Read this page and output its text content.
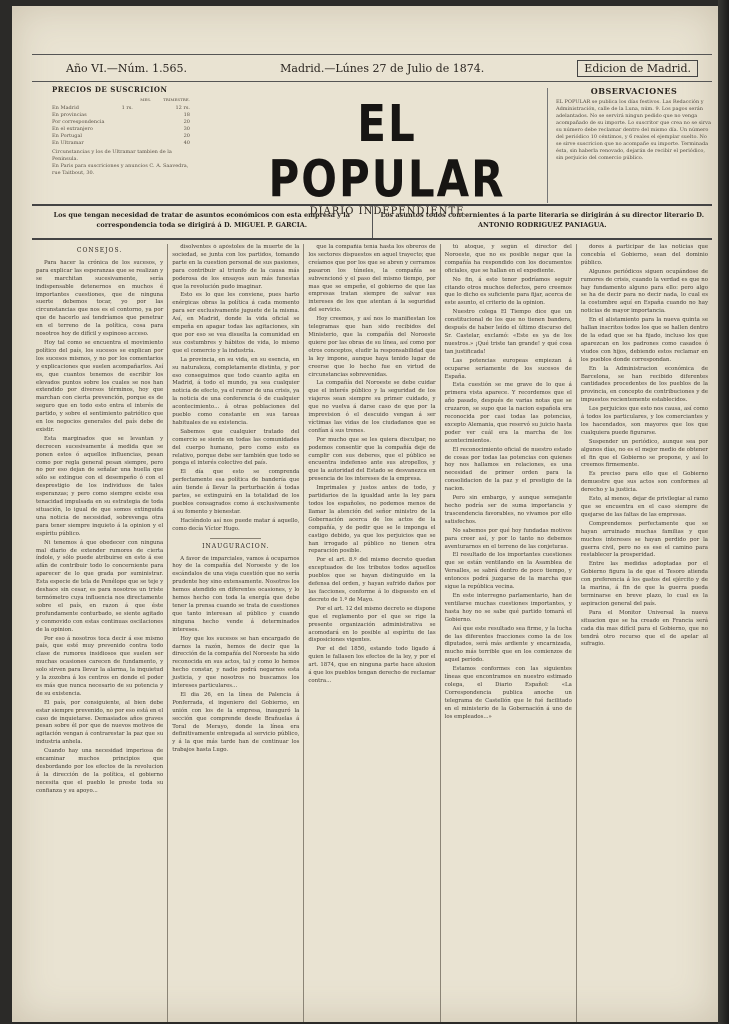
Año VI.—Núm. 1.565.	Madrid.—Lúnes 27 de Julio de 1874.	Edicion de Madrid.
PRECIOS DE SUSCRICION
MES.	TRIMESTRE.
En Madrid	1 rs.	12 rs.
En provincias	18
Por correspondencia	20
En el extranjero	30
En Portugal	20
En Ultramar	40
Circunstancias y los de Ultramar tambien de la Peninsula.
En Paris para suscriciones y anuncios C. A. Saavedra, rue Taitbout, 30.
EL POPULAR
DIARIO INDEPENDIENTE
OBSERVACIONES
EL POPULAR se publica los días festivos. Las Redacción y Administración, calle de la Luna, núm. 9. Los pagos serán adelantados. No se servirá ningun pedido que no venga acompañado de su importe. Lo suscritor que crea no se sirva su número debe reclamar dentro del mismo día. Un número del periódico 10 céntimos, y 6 reales el ejemplar suelto. No se sirve suscricion que no acompañe su importe. Terminada ésta, sin haberla renovado, dejarán de recibir el periódico, sin perjuicio del comercio público.
Los que tengan necesidad de tratar de asuntos económicos con esta empresa y la correspondencia toda se dirigirá á D. MIGUEL P. GARCIA.
Los asuntos todos concernientes á la parte literaria se dirigirán á su director literario D. ANTONIO RODRIGUEZ PANIAGUA.
CONSEJOS.

Para hacer la crónica de los sucesos, y para explicar las esperanzas que se realizan y se marchitan sucesivamente, sería indispensable detenernos en muchos é importantes cuestiones, que de ninguna suerte debemos tocar, yo por las circunstancias que nos es el contorno, ya por que de hacerlo así tendríamos que penetrar en el terreno de la política, cosa para nosotros hoy de difícil y espinoso acceso.

Hoy tal como se encuentra el movimiento político del país, los sucesos se explican por los sucesos mismos, y no por los comentarios y explicaciones que suelen acompañarlos. Así es, que cuantos tenemos de escribir los elevados puntos sobre los cuales se nos han extendido por diversos términos, hoy que marchan con cierta prevención, porque es de seguro que en todo esto entra el interés de partido, y sobre el sentimiento patriótico que en los negocios generales del país debe de existir.

Esta marginados que se levantan y decrecen sucesivamente á medida que se ponen estos ó aquellos influencias, pesan como por regla general pesan siempre, pero no por eso dejan de señalar una huella que sólo se extingue con el desempeño ó con el desprestigio de los individuos de tales esperanzas; y pero como siempre existe esa tenacidad impulsada en su estrategia de toda situación, lo igual de que somos extinguida una noticia de necesidad, sobrevenga otra para tener siempre inquieto á la opinion y el espíritu público.

Ni tenemos á que obedecer con ninguna mal diario de extender rumores de cierta índole, y sólo puede atribuirse en esto á ese afán de contribuir todo lo concerniente para aparecer de lo que grada por suministrar. Esta especie de tela de Penélope que se teje y deshace sin cesar, es para nosotros un triste termómetro cuya influencia nos directamente sobre el país, en razon á que éste profundamente conturbado, se siente agitado y conmovido con estas continuas oscilaciones de la opinion.

Por eso á nosotros toca decir á ese mismo país, que esté muy prevenido contra todo clase de rumores insidiosos que suelen ser muchas ocasiones carecen de fundamento, y solo sirven para llevar la alarma, la inquietud y la zozobra á los centros en donde el poder es más que nunca necesario de su potencia y de su existencia.

El país, por consiguiente, al bien debe estar siempre prevenido, no por eso está en el caso de inquietarse. Demasiados años graves pesan sobre él por que de nuevos motivos de agitación vengan á contrarestar la paz que su industria anhela.

Cuando hay una necesidad imperiosa de encaminar muchos principios que desbordando por los efectos de la revolucion á la dirección de la política, el gobierno necesita que el pueblo le preste toda su confianza y su apoyo...

disolventes ó apóstoles de la muerte de la sociedad, se junta con los partidos, tomando parte en la cuestion personal de sus pasiones, para contribuir al triunfo de la causa más poderosa de los ensayos aun más funestas que la revolución pudo imaginar.

Esto es lo que les conviene, pues harto enérgicas obras la política á cada momento para ser exclusivamente juguete de la misma. Así, en Madrid, donde la vida oficial se empeña en apagar todas las agitaciones, sin que por eso se vea disuelta la comunidad en sus costumbres y hábitos de vida, lo mismo que el comercio y la industria.

La provincia, en su vida, en su esencia, en su naturaleza, completamente distinta, y por eso conseguimos que todo cuanto agita en Madrid, á todo el mundo, ya sea cualquier noticia de efecto, ya el rumor de una crisis, ya la noticia de una conferencia ó de cualquier acontecimiento... á otras poblaciones del pueblo como constante en sus tareas habituales de su existencia.

Sabemos que cualquier tratado del comercio se siente en todas las comunidades del cuerpo humano, pero como esto es relativo, porque debe ser también que todo se ponga el interés colectivo del país.

El día que esto se comprenda perfectamente esa política de bandería que aún tiende á llevar la perturbación á todas partes, se extinguirá en la totalidad de los pueblos consagrados como á exclusivamente á su fomento y bienestar.

Haciéndolo así nos puede matar á aquello, como decía Víctor Hugo.

INAUGURACION.

A favor de imparciales, vamos á ocuparnos hoy de la compañía del Noroeste y de los escándalos de una vieja cuestión que no sería prudente hoy sino extensamente. Nosotros los hemos atendido en diferentes ocasiones, y lo hemos hecho con toda la energía que debe tener la prensa cuando se trata de cuestiones que tanto interesan al público y cuando ninguna hecho vende á determinados intereses.

Hoy que los sucesos se han encargado de darnos la razón, hemos de decir que la dirección de la compañía del Noroeste ha sido reconocida en sus actos, tal y como lo hemos hecho constar, y nadie podrá negarnos esta justicia, y que nosotros no buscamos los intereses particulares...

El dia 26, en la línea de Palencia á Ponferrada, el ingeniero del Gobierno, en unión con los de la empresa, inauguró la sección que comprende desde Brañuelas á Toral de Merayo, donde la línea era definitivamente entregada al servicio público, y á la que más tarde han de continuar los trabajos hasta Lugo.

que la compañía tenía hasta los obreros de los sectores dispuestos en aquel trayecto; que creíamos que por los que se abren y cerramos pasaron los túneles, la compañía se subvencionó y el paso del mismo tiempo, por mas que se empeñe, el gobierno de que las empresas tratan siempre de salvar sus intereses de los que atentan á la seguridad del servicio.

Hoy creemos, y así nos lo manifiestan los telegramas que han sido recibidos del Ministerio, que la compañía del Noroeste quiere por las obras de su línea, así como por otros conceptos, eludir la responsabilidad que la ley impone, aunque haya tenido lugar de creerse que lo hecho fue en virtud de circunstancias sobrevenidas.

La compañía del Noroeste se debe cuidar que el interés público y la seguridad de los viajeros sean siempre su primer cuidado, y que no vuelva á darse caso de que por la imprevision ó el descuido vengan á ser víctimas las vidas de los ciudadanos que se confían á sus trenes.

Por mucho que se les quiera disculpar, no podemos consentir que la compañía deje de cumplir con sus deberes, que el público se encuentra indefenso ante sus atropellos, y que la autoridad del Estado se desvanezca en presencia de los intereses de la empresa.

Imprimales y justos antes de todo, y partidarios de la igualdad ante la ley para todos los españoles, no podemos menos de llamar la atención del señor ministro de la Gobernación acerca de los actos de la compañía, y de pedir que se le imponga el castigo debido, ya que los perjuicios que se han irrogado al público no tienen otra reparación posible.

Por el art. 8.º del mismo decreto quedan exceptuados de los tributos todos aquellos pueblos que se hayan distinguido en la defensa del orden, y hayan sufrido daños por las facciones, conforme á lo dispuesto en el decreto de 1.º de Mayo.

Por el art. 12 del mismo decreto se dispone que el reglamento por el que se rige la presente organización administrativa se acomodará en lo posible al espíritu de las disposiciones vigentes.

Por el del 1856, estando todo ligado á quien le fallasen los efectos de la ley, y por el art. 1874, que en ninguna parte hace alusion á que los pueblos tengan derecho de reclamar contra...

tú atoque, y según el director del Noroeste, que no es posible negar que la compañía ha respondido con los documentos oficiales, que se hallan en el expediente.

No fin, á esto tenor podríamos seguir citando otros muchos defectos, pero creemos que lo dicho es suficiente para fijar, acerca de este asunto, el criterio de la opinion.

Nuestro colega El Tiempo dice que un constitucional de los que no tienen bandera, después de haber leído el último discurso del Sr. Castelar, exclamó: «Este es ya de los nuestros.» ¡Qué triste tan grande! y qué cosa tan justificada!

Las potencias europeas empiezan á ocuparse seriamente de los sucesos de España.

Esta cuestión se me grave de lo que á primera vista aparece. Y recordemos que el año pasado, después de varias notas que se cruzaron, se supo que la nacion española era reconocida por casi todas las potencias, excepto Alemania, que reservó su juicio hasta poder ver cuál era la marcha de los acontecimientos.

El reconocimiento oficial de nuestro estado de cosas por todas las potencias con quienes hoy nos hallamos en relaciones, es una necesidad de primer orden para la consolidacion de la paz y el prestigio de la nacion.

Pero sin embargo, y aunque semejante hecho podría ser de suma importancia y trascendencia favorables, no vivamos por ello satisfechos.

No sabemos por qué hoy fundadas motivos para creer así, y por lo tanto no debemos aventurarnos en el terreno de las conjeturas.

El resultado de los importantes cuestiones que se están ventilando en la Asamblea de Versalles, se sabrá dentro de poco tiempo, y entonces podrá juzgarse de la marcha que sigue la república vecina.

En este interregno parlamentario, han de ventilarse muchas cuestiones importantes, y hasta hoy no se sabe qué partido tomará el Gobierno.

Así que este resultado sea firme, y la lucha de las diferentes fracciones como la de los diputados, será más ardiente y encarnizada, mucho más terrible que en los comienzos de aquel período.

Estamos conformes con las siguientes líneas que encontramos en nuestro estimado colega, el Diario Español: «La Correspondencia publica anoche un telegrama de Castellón que le fué facilitado en el ministerio de la Gobernación á uno de los empleados...»

dores á participar de las noticias que concebía el Gobierno, sean del dominio público.

Algunos periódicos siguen ocupándose de rumores de crisis, cuando la verdad es que no hay fundamento alguno para ello: pero algo se ha de decir para no decir nada, lo cual es la costumbre aquí en España cuando no hay noticias de mayor importancia.

En el alistamiento para la nueva quinta se hallan inscritos todos los que se hallen dentro de la edad que se ha fijado, incluso los que aparezcan en los padrones como casados ó viudos con hijos, debiendo estos reclamar en los pueblos donde correspondan.

En la Administracion económica de Barcelona, se han recibido diferentes cantidades procedentes de los pueblos de la provincia, en concepto de contribuciones y de impuestos recientemente establecidos.

Los perjuicios que esto nos causa, así como á todos los particulares, y los comerciantes y los hacendados, son mayores que los que cualquiera puede figurarse.

Suspender un periódico, aunque sea por algunos días, no es el mejor medio de obtener el fin que el Gobierno se propone, y así lo creemos firmemente.

Es preciso para ello que el Gobierno demuestre que sus actos son conformes al derecho y la justicia.

Esto, al menos, dejar de privilegiar al ramo que se encuentra en el caso siempre de quejarse de las faltas de las empresas.

Comprendemos perfectamente que se hayan arruinado muchas familias y que muchos intereses se hayan perdido por la guerra civil, pero no es ese el camino para restablecer la prosperidad.

Entre las medidas adoptadas por el Gobierno figura la de que el Tesoro atienda con preferencia á los gastos del ejército y de la marina, á fin de que la guerra pueda terminarse en breve plazo, lo cual es la aspiracion general del país.

Para el Monitor Universal la nueva situacion que se ha creado en Francia será cada dia mas difícil para el Gobierno, que no tendrá otro recurso que el de apelar al sufragio.
